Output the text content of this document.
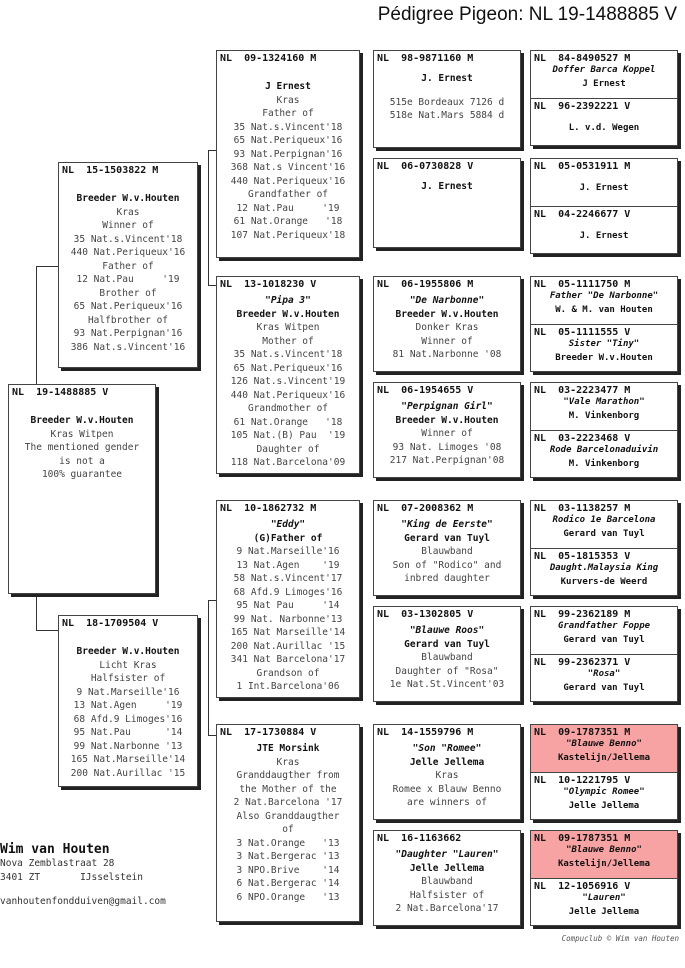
Pédigree Pigeon: NL 19-1488885 V
NL  19-1488885 V
Breeder W.v.Houten
Kras Witpen
The mentioned gender
is not a
100% guarantee
NL  15-1503822 M
Breeder W.v.Houten
Kras
Winner of
35 Nat.s.Vincent'18
440 Nat.Periqueux'16
Father of
12 Nat.Pau     '19
Brother of
65 Nat.Periqueux'16
Halfbrother of
93 Nat.Perpignan'16
386 Nat.s.Vincent'16
NL  18-1709504 V
Breeder W.v.Houten
Licht Kras
Halfsister of
9 Nat.Marseille'16
13 Nat.Agen     '19
68 Afd.9 Limoges'16
95 Nat.Pau      '14
99 Nat.Narbonne '13
165 Nat.Marseille'14
200 Nat.Aurillac '15
NL  09-1324160 M
J Ernest
Kras
Father of
35 Nat.s.Vincent'18
65 Nat.Periqueux'16
93 Nat.Perpignan'16
368 Nat.s Vincent'16
440 Nat.Periqueux'16
Grandfather of
12 Nat.Pau     '19
61 Nat.Orange   '18
107 Nat.Periqueux'18
NL  13-1018230 V
"Pipa 3"
Breeder W.v.Houten
Kras Witpen
Mother of
35 Nat.s.Vincent'18
65 Nat.Periqueux'16
126 Nat.s.Vincent'19
440 Nat.Periqueux'16
Grandmother of
61 Nat.Orange   '18
105 Nat.(B) Pau  '19
Daughter of
118 Nat.Barcelona'09
NL  10-1862732 M
"Eddy"
(G)Father of
9 Nat.Marseille'16
13 Nat.Agen    '19
58 Nat.s.Vincent'17
68 Afd.9 Limoges'16
95 Nat Pau     '14
99 Nat. Narbonne'13
165 Nat Marseille'14
200 Nat.Aurillac '15
341 Nat Barcelona'17
Grandson of
1 Int.Barcelona'06
NL  17-1730884 V
JTE Morsink
Kras
Granddaugther from
the Mother of the
2 Nat.Barcelona '17
Also Granddaugther
of
3 Nat.Orange   '13
3 Nat.Bergerac '13
3 NPO.Brive    '14
6 Nat.Bergerac '14
6 NPO.Orange   '13
NL  98-9871160 M
J. Ernest
515e Bordeaux 7126 d
518e Nat.Mars 5884 d
NL  06-0730828 V
J. Ernest
NL  06-1955806 M
"De Narbonne"
Breeder W.v.Houten
Donker Kras
Winner of
81 Nat.Narbonne '08
NL  06-1954655 V
"Perpignan Girl"
Breeder W.v.Houten
Winner of
93 Nat. Limoges '08
217 Nat.Perpignan'08
NL  07-2008362 M
"King de Eerste"
Gerard van Tuyl
Blauwband
Son of "Rodico" and
inbred daughter
NL  03-1302805 V
"Blauwe Roos"
Gerard van Tuyl
Blauwband
Daughter of "Rosa"
1e Nat.St.Vincent'03
NL  14-1559796 M
"Son "Romee"
Jelle Jellema
Kras
Romee x Blauw Benno
are winners of
NL  16-1163662
"Daughter "Lauren"
Jelle Jellema
Blauwband
Halfsister of
2 Nat.Barcelona'17
NL  84-8490527 M
Doffer Barca Koppel
J Ernest
NL  96-2392221 V
L. v.d. Wegen
NL  05-0531911 M
J. Ernest
NL  04-2246677 V
J. Ernest
NL  05-1111750 M
Father "De Narbonne"
W. & M. van Houten
NL  05-1111555 V
Sister "Tiny"
Breeder W.v.Houten
NL  03-2223477 M
"Vale Marathon"
M. Vinkenborg
NL  03-2223468 V
Rode Barcelonaduivin
M. Vinkenborg
NL  03-1138257 M
Rodico 1e Barcelona
Gerard van Tuyl
NL  05-1815353 V
Daught.Malaysia King
Kurvers-de Weerd
NL  99-2362189 M
Grandfather Foppe
Gerard van Tuyl
NL  99-2362371 V
"Rosa"
Gerard van Tuyl
NL  09-1787351 M
"Blauwe Benno"
Kastelijn/Jellema
NL  10-1221795 V
"Olympic Romee"
Jelle Jellema
NL  09-1787351 M
"Blauwe Benno"
Kastelijn/Jellema
NL  12-1056916 V
"Lauren"
Jelle Jellema
Wim van Houten
Nova Zemblastraat 28
3401 ZT       IJsselstein
vanhoutenfondduiven@gmail.com
Compuclub © Wim van Houten
